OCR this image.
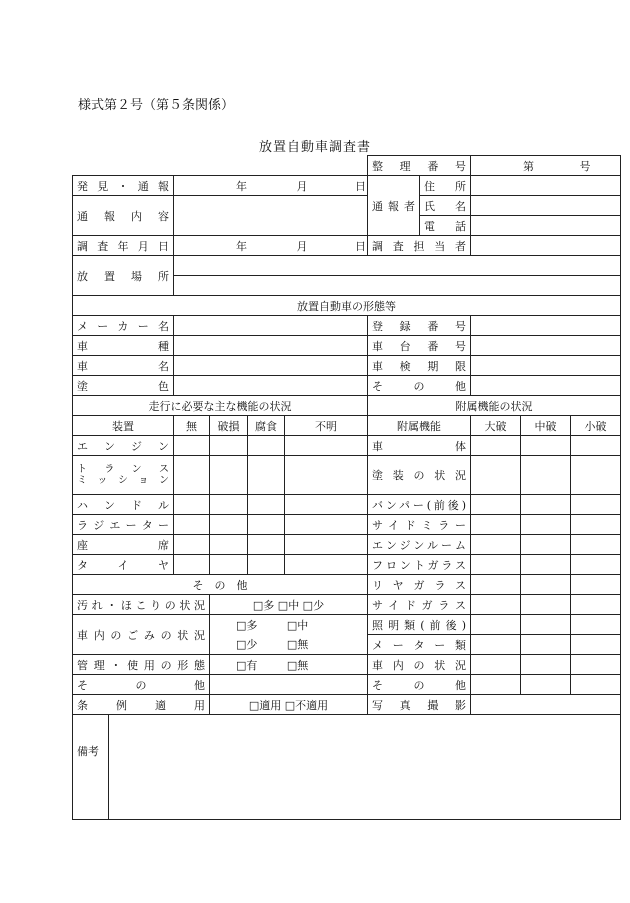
様式第２号（第５条関係）
放置自動車調査書
						整　理　番　号		第 号		
発見・通報		年 月 日				通報者	住　所			
通報内容							氏　名			
							電　話			
調査年月日		年 月 日				調査担当者				
放置場所										

放置自動車の形態等										
メーカー名						登録番号				
車種						車台番号				
車名						車検期限				
塗色						その他				
走行に必要な主な機能の状況						附属機能の状況				
装置		無	破損	腐食	不明	附属機能		大破	中破	小破
エ ン ジ ン						車　　　体				

ト ラ ン ス
ミッション						塗 装 の 状 況				
ハ ン ド ル						バンパー(前後)				
ラジエーター						サイドミラー				
座　　　席						エンジンルーム				
タ　イ　ヤ						フロントガラス				
そ　の　他						リヤガラス				
汚れ・ほこりの状況			□多 □中 □少			サイドガラス				
車内のごみの状況			□多 □中			照明類(前後)				
			□少 □無			メーター類				
管理・使用の形態			□有 □無			車内の状況				
そ　の　他						そ　の　他				
条例適用			□適用 □不適用			写真撮影				
備考										
